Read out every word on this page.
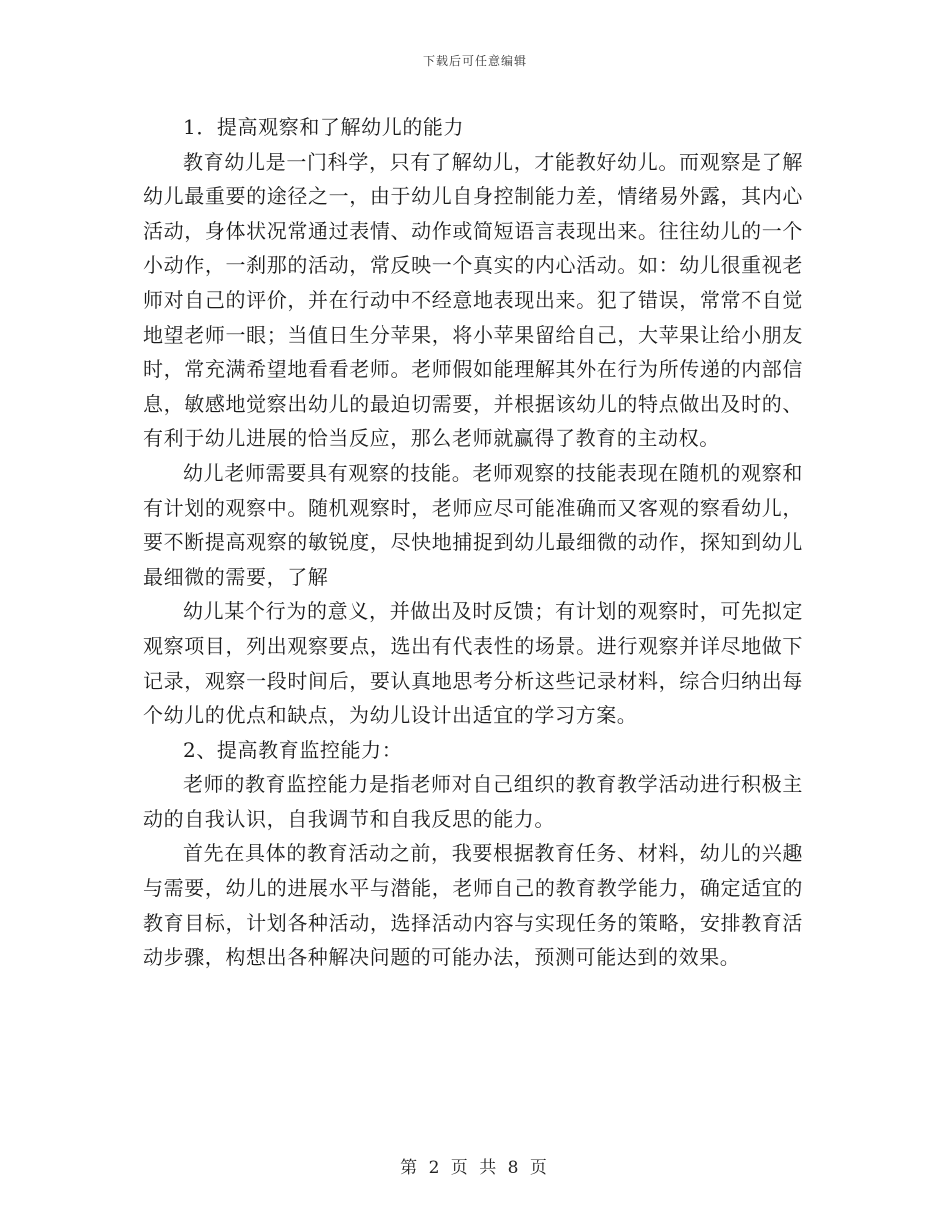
下载后可任意编辑

1．提高观察和了解幼儿的能力

教育幼儿是一门科学，只有了解幼儿，才能教好幼儿。而观察是了解幼儿最重要的途径之一，由于幼儿自身控制能力差，情绪易外露，其内心活动，身体状况常通过表情、动作或简短语言表现出来。往往幼儿的一个小动作，一刹那的活动，常反映一个真实的内心活动。如：幼儿很重视老师对自己的评价，并在行动中不经意地表现出来。犯了错误，常常不自觉地望老师一眼；当值日生分苹果，将小苹果留给自己，大苹果让给小朋友时，常充满希望地看看老师。老师假如能理解其外在行为所传递的内部信息，敏感地觉察出幼儿的最迫切需要，并根据该幼儿的特点做出及时的、有利于幼儿进展的恰当反应，那么老师就赢得了教育的主动权。

幼儿老师需要具有观察的技能。老师观察的技能表现在随机的观察和有计划的观察中。随机观察时，老师应尽可能准确而又客观的察看幼儿，要不断提高观察的敏锐度，尽快地捕捉到幼儿最细微的动作，探知到幼儿最细微的需要，了解

幼儿某个行为的意义，并做出及时反馈；有计划的观察时，可先拟定观察项目，列出观察要点，选出有代表性的场景。进行观察并详尽地做下记录，观察一段时间后，要认真地思考分析这些记录材料，综合归纳出每个幼儿的优点和缺点，为幼儿设计出适宜的学习方案。

2、提高教育监控能力：

老师的教育监控能力是指老师对自己组织的教育教学活动进行积极主动的自我认识，自我调节和自我反思的能力。

首先在具体的教育活动之前，我要根据教育任务、材料，幼儿的兴趣与需要，幼儿的进展水平与潜能，老师自己的教育教学能力，确定适宜的教育目标，计划各种活动，选择活动内容与实现任务的策略，安排教育活动步骤，构想出各种解决问题的可能办法，预测可能达到的效果。

第 2 页 共 8 页
